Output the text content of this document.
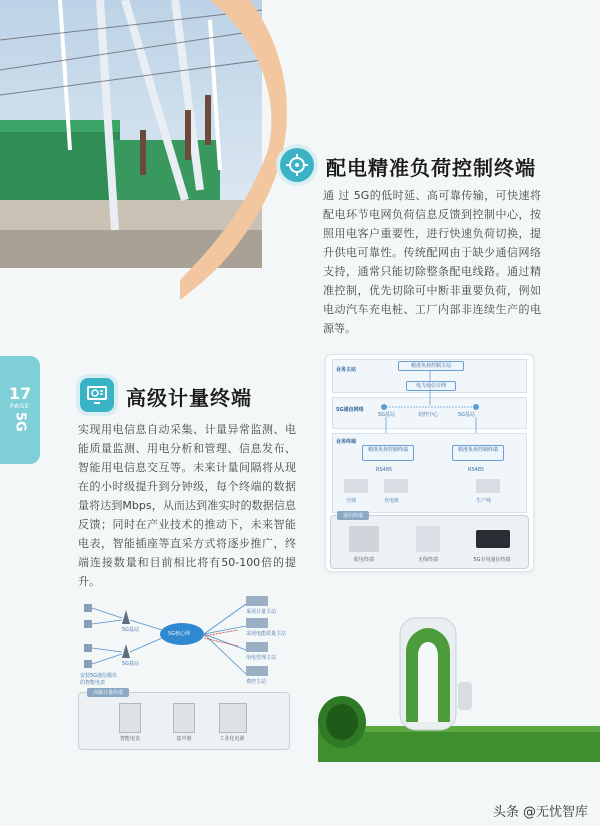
配电精准负荷控制终端
通 过 5G的低时延、高可靠传输，可快速将配电环节电网负荷信息反馈到控制中心，按照用电客户重要性，进行快速负荷切换，提升供电可靠性。传统配网由于缺少通信网络支持，通常只能切除整条配电线路。通过精准控制，优先切除可中断非重要负荷，例如电动汽车充电桩、工厂内部非连续生产的电源等。
17
PAGE
5G
高级计量终端
实现用电信息自动采集、计量异常监测、电能质量监测、用电分析和管理、信息发布、智能用电信息交互等。未来计量间隔将从现在的小时级提升到分钟级，每个终端的数据量将达到Mbps，从而达到准实时的数据信息反馈；同时在产业技术的推动下，未来智能电表，智能插座等直采方式将逐步推广，终端连接数量和目前相比将有50-100倍的提升。
业务主站
精准负荷控制主站
电力通信专网
5G通信网络
5G基站	切控中心	5G基站
业务终端
精准负荷控制终端	精准负荷控制终端
RS485	RS485
空调	充电桩	生产线
通信终端
配电终端	无线终端	5G专用通信终端
5G核心网
5G基站
5G基站
安装5G通信模块的智能电表
采用计量主站
采用电能质量主站
用电管理主站
费控主站
高级计量终端
智能电表	集中器	工业化电源
头条 @无忧智库
